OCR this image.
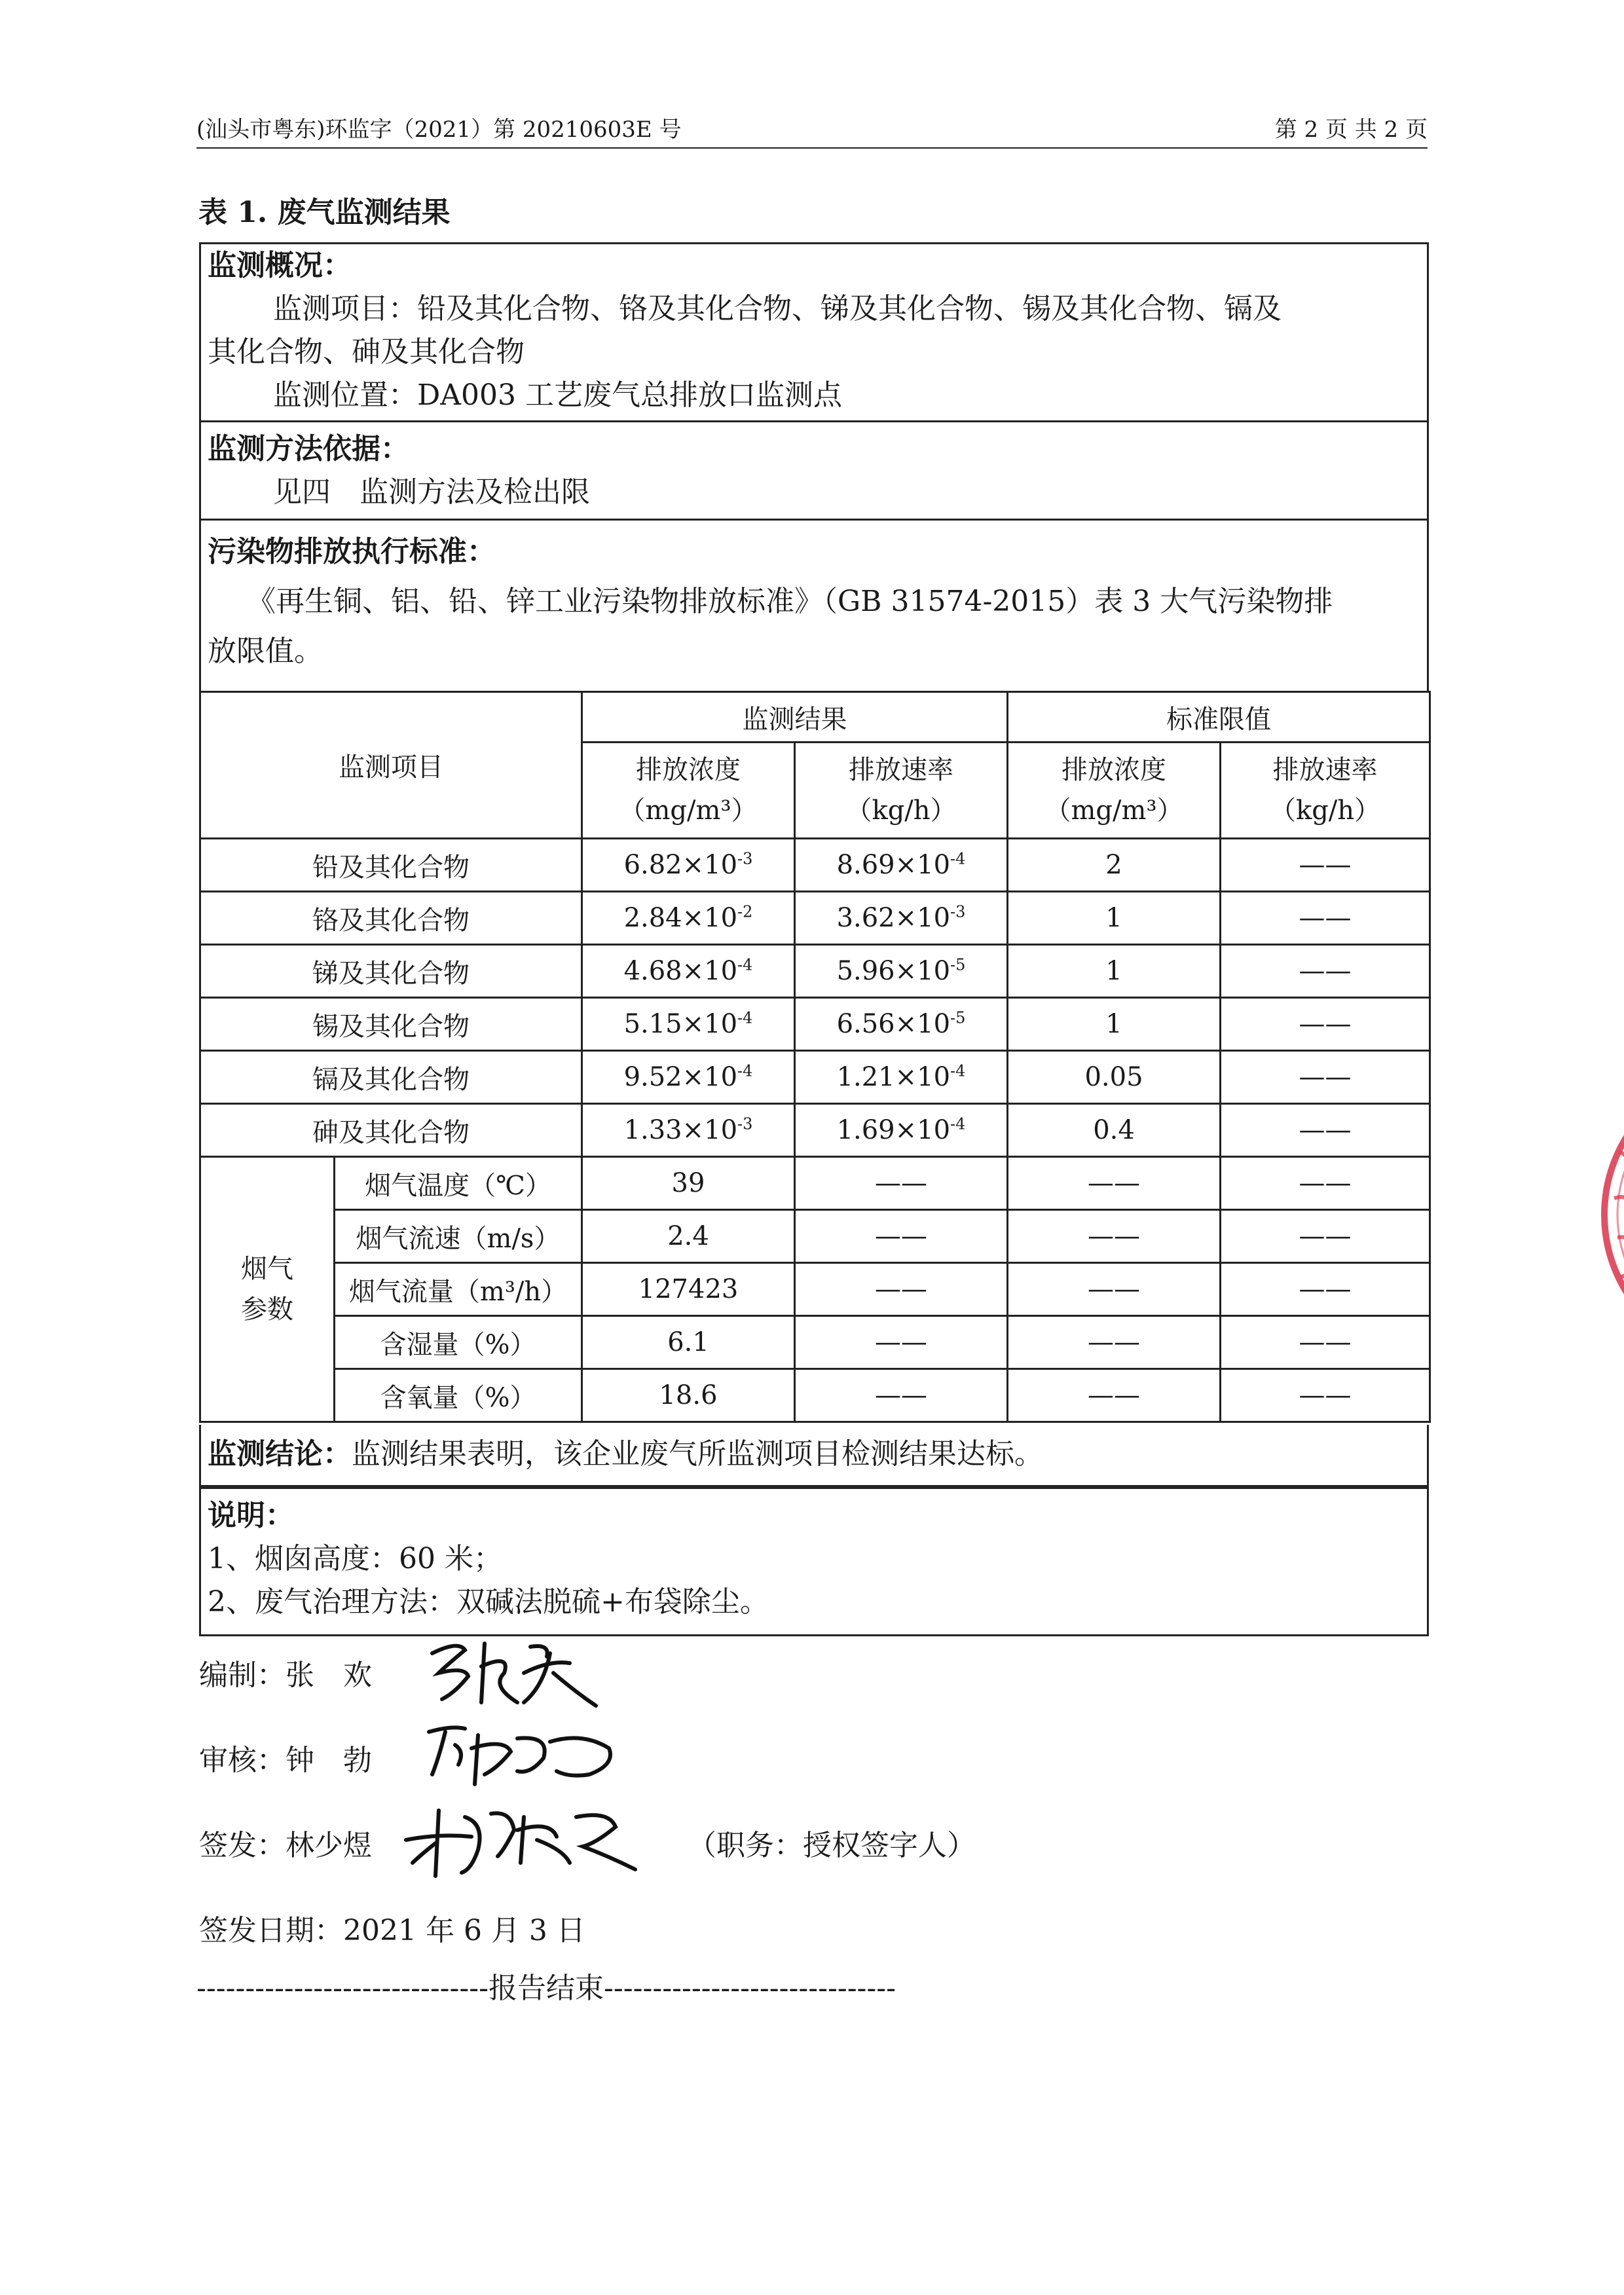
(汕头市粤东)环监字（2021）第 20210603E 号	第 2 页 共 2 页
表 1. 废气监测结果
监测概况：
监测项目：铅及其化合物、铬及其化合物、锑及其化合物、锡及其化合物、镉及
其化合物、砷及其化合物
监测位置：DA003 工艺废气总排放口监测点
监测方法依据：
见四　监测方法及检出限
污染物排放执行标准：
《再生铜、铝、铅、锌工业污染物排放标准》（GB 31574-2015）表 3 大气污染物排
放限值。
监测项目		监测结果		标准限值	
		排放浓度
（mg/m³）	排放速率
（kg/h）	排放浓度
（mg/m³）	排放速率
（kg/h）
铅及其化合物		$6.82\times 10^{-3}$	$8.69\times 10^{-4}$	2	——
铬及其化合物		$2.84\times 10^{-2}$	$3.62\times 10^{-3}$	1	——
锑及其化合物		$4.68\times 10^{-4}$	$5.96\times 10^{-5}$	1	——
锡及其化合物		$5.15\times 10^{-4}$	$6.56\times 10^{-5}$	1	——
镉及其化合物		$9.52\times 10^{-4}$	$1.21\times 10^{-4}$	0.05	——
砷及其化合物		$1.33\times 10^{-3}$	$1.69\times 10^{-4}$	0.4	——
烟气
参数	烟气温度（℃）	39	——	——	——
	烟气流速（m/s）	2.4	——	——	——
	烟气流量（m³/h）	127423	——	——	——
	含湿量（%）	6.1	——	——	——
	含氧量（%）	18.6	——	——	——
监测结论：监测结果表明，该企业废气所监测项目检测结果达标。
说明：
1、烟囱高度：60 米；
2、废气治理方法：双碱法脱硫+布袋除尘。
编制：张　欢
审核：钟　勃
签发：林少煜	（职务：授权签字人）
签发日期：2021 年 6 月 3 日
------------------------------报告结束------------------------------
